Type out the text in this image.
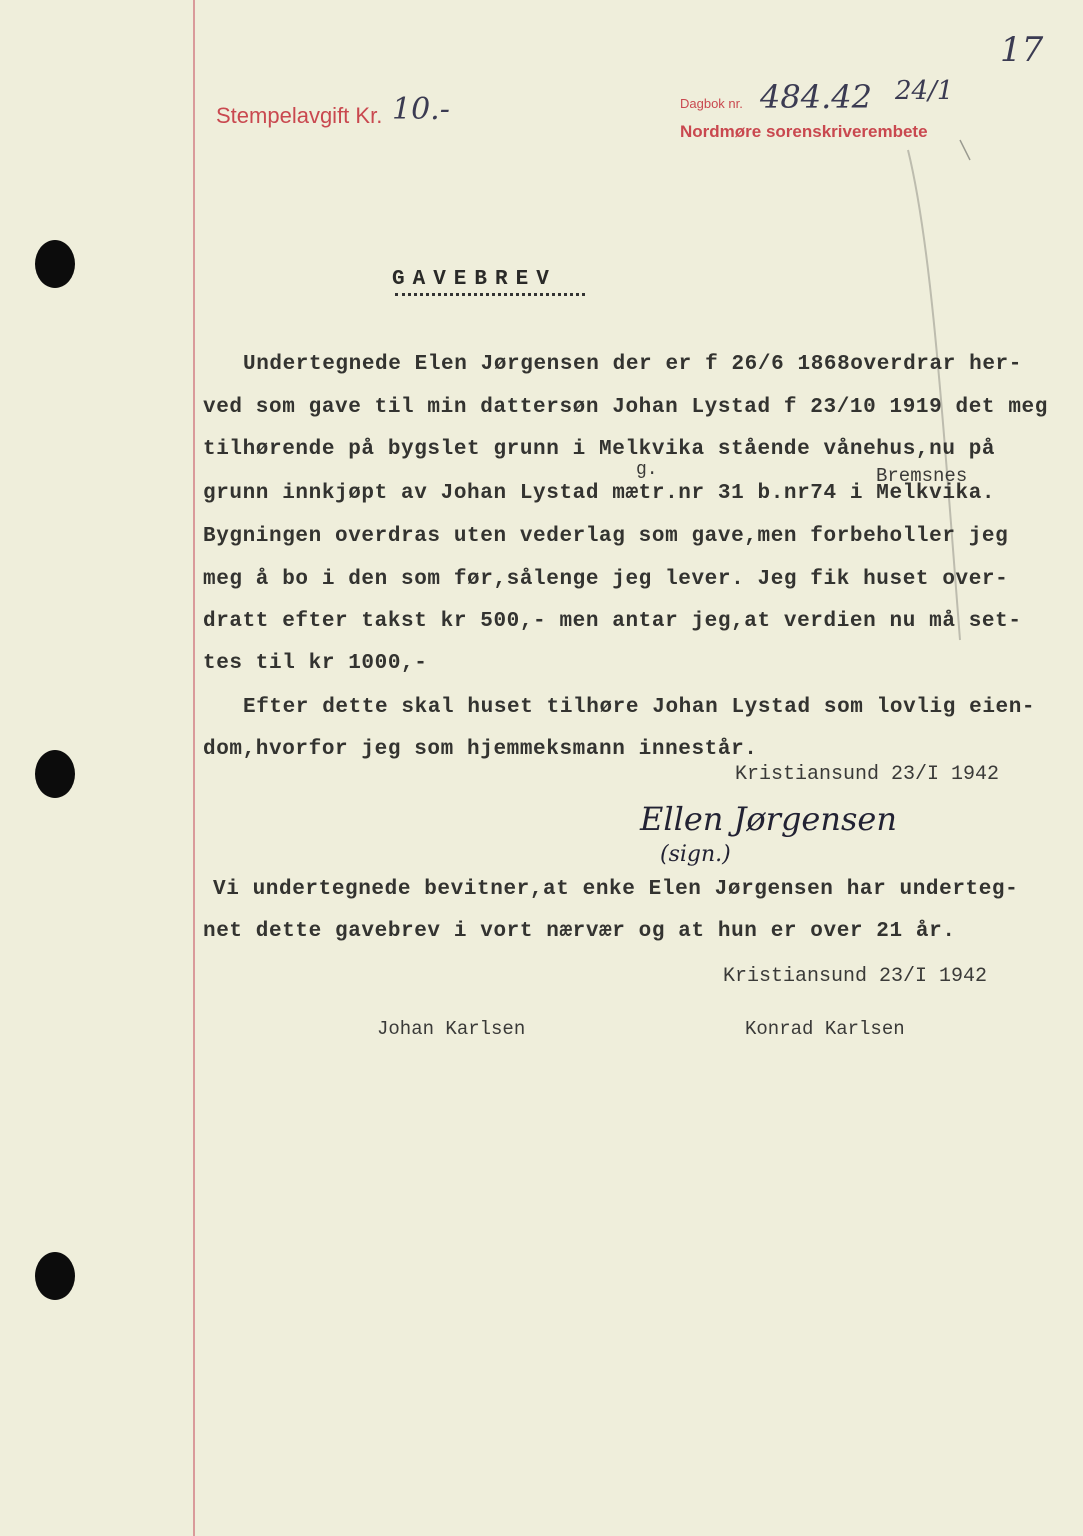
Stempelavgift Kr. 10.-	Dagbok nr. 484.42 24/1
Nordmøre sorenskriverembete
17
GAVEBREV
g.	Bremsnes
Undertegnede Elen Jørgensen der er f 26/6 1868overdrar her-
ved som gave til min dattersøn Johan Lystad f 23/10 1919 det meg
tilhørende på bygslet grunn i Melkvika stående vånehus,nu på
grunn innkjøpt av Johan Lystad mætr.nr 31 b.nr74 i Melkvika.
Bygningen overdras uten vederlag som gave,men forbeholler jeg
meg å bo i den som før,sålenge jeg lever. Jeg fik huset over-
dratt efter takst kr 500,- men antar jeg,at verdien nu må set-
tes til kr 1000,-
Efter dette skal huset tilhøre Johan Lystad som lovlig eien-
dom,hvorfor jeg som hjemmeksmann innestår.
Kristiansund 23/I 1942
Ellen Jørgensen
(sign.)
Vi undertegnede bevitner,at enke Elen Jørgensen har underteg-
net dette gavebrev i vort nærvær og at hun er over 21 år.
Kristiansund 23/I 1942
Johan Karlsen	Konrad Karlsen
